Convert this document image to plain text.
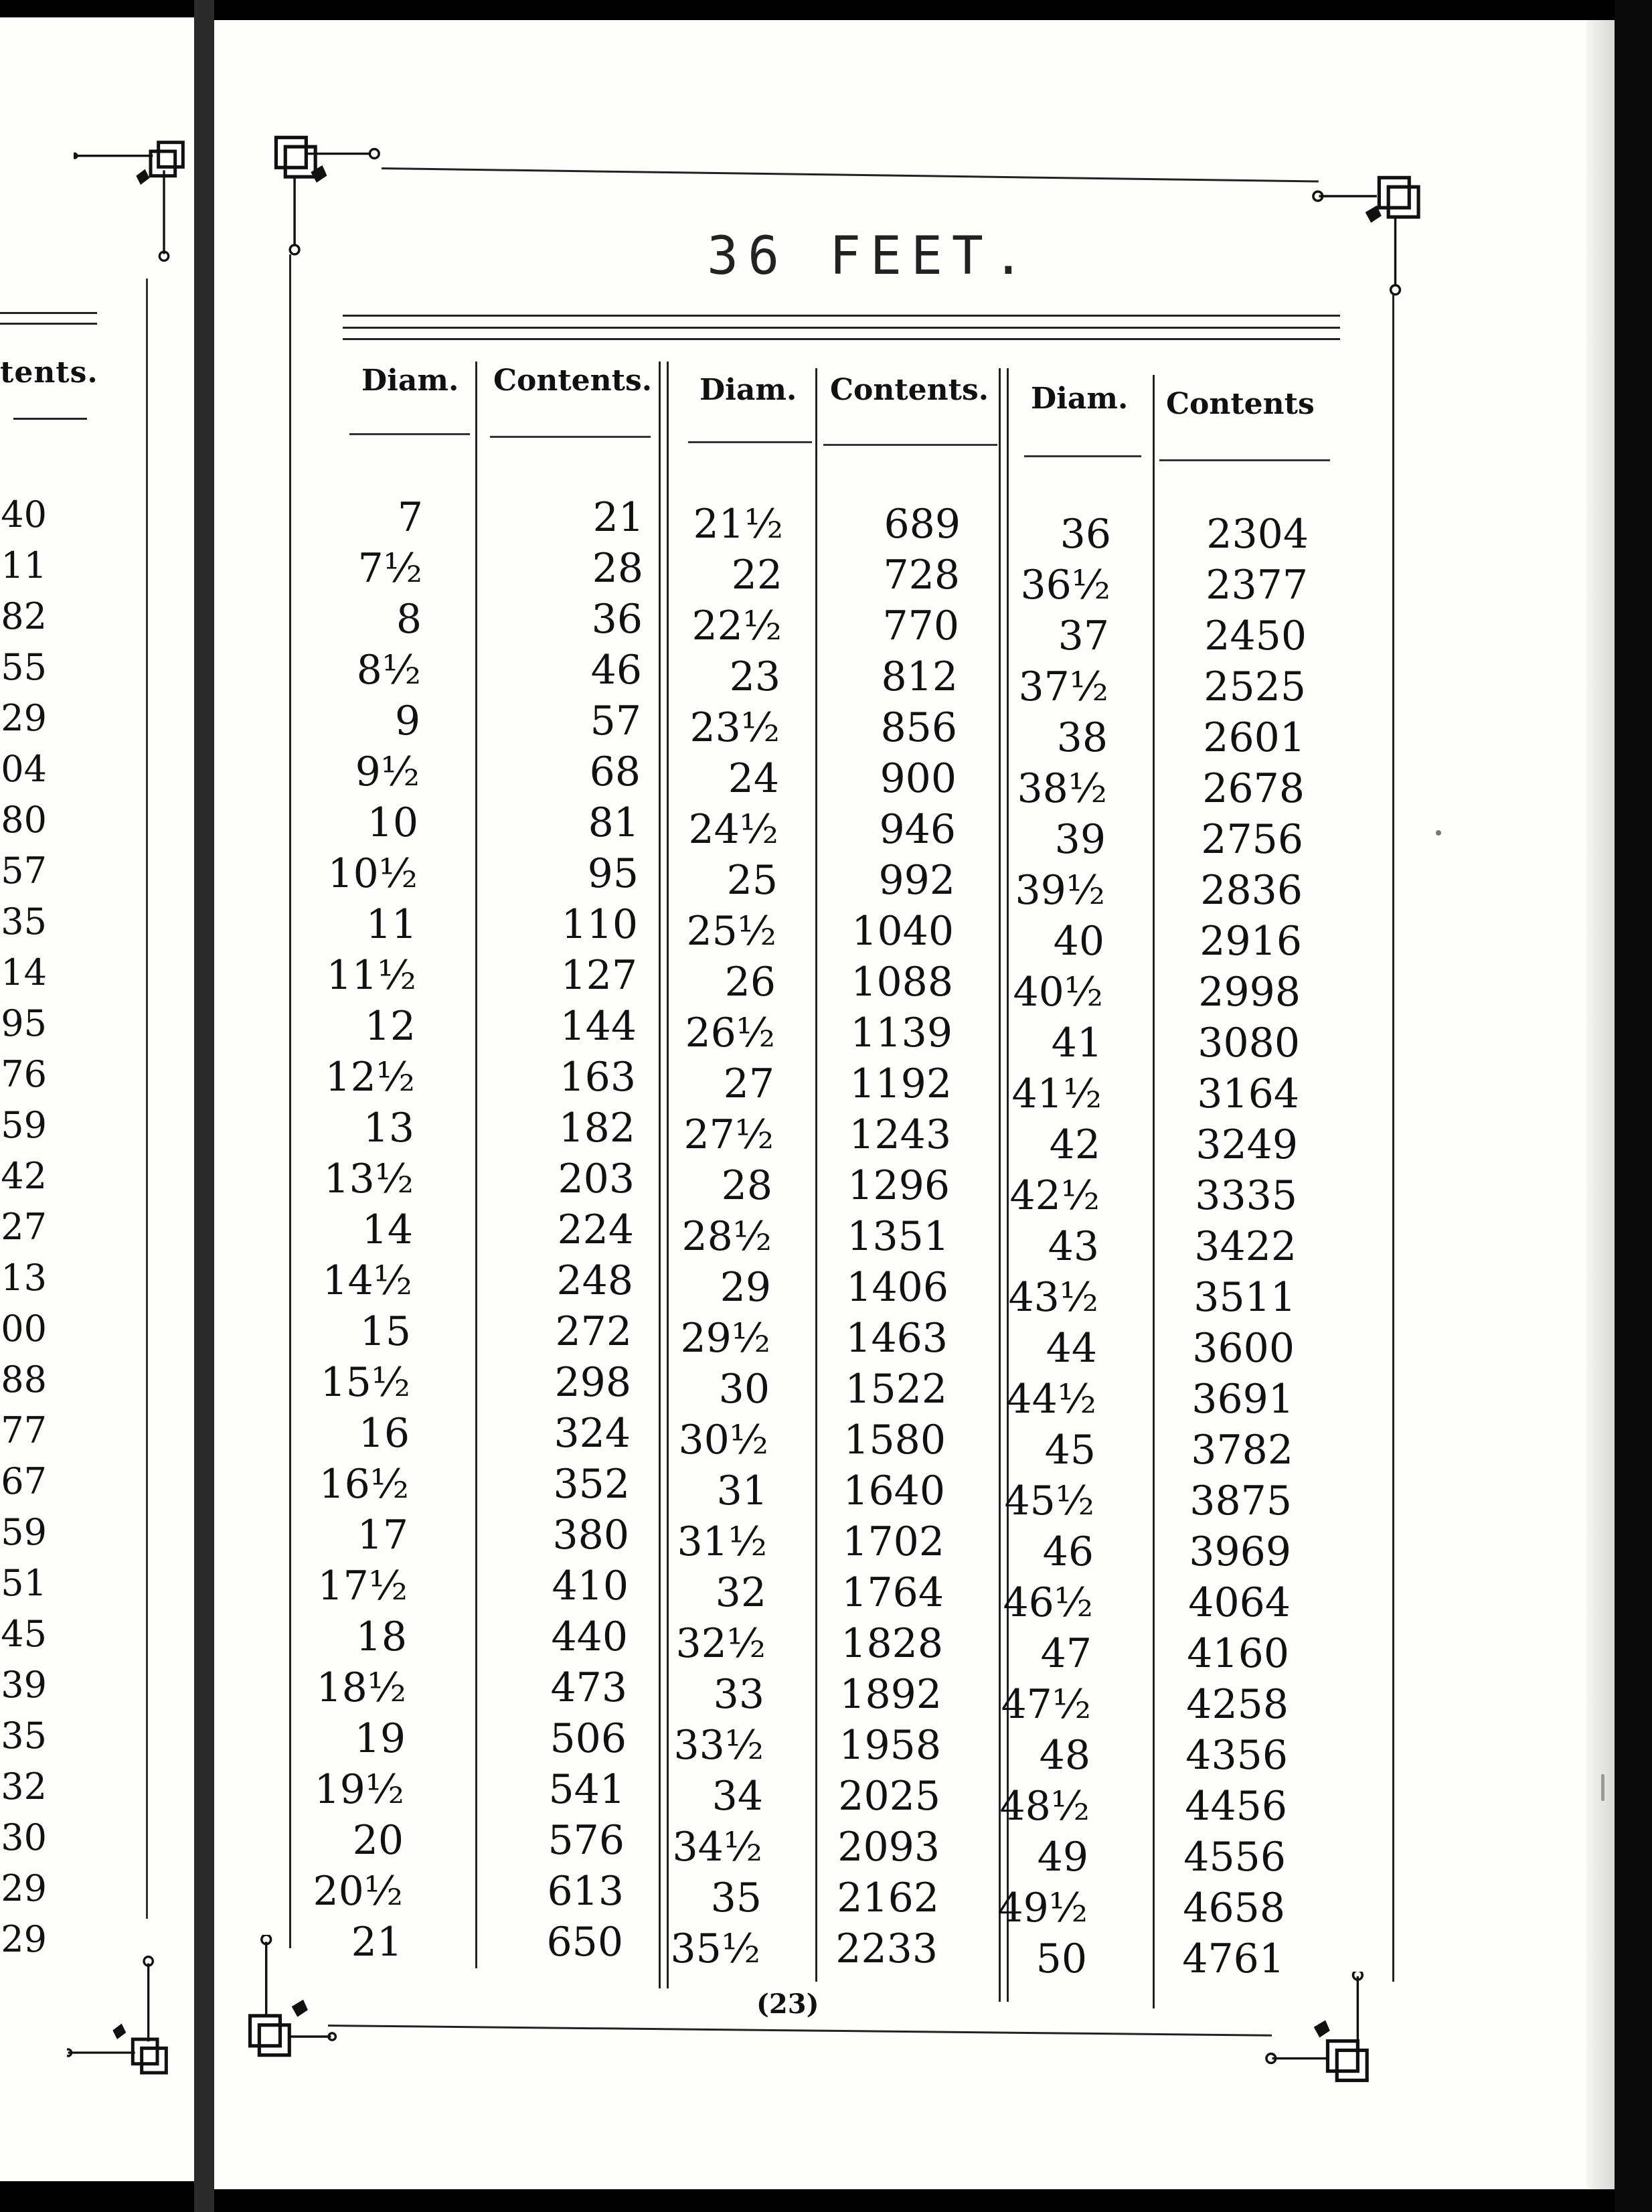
tents.
40
11
82
55
29
04
80
57
35
14
95
76
59
42
27
13
00
88
77
67
59
51
45
39
35
32
30
29
29
36 FEET.
Diam. Contents.
7	21
7½	28
8	36
8½	46
9	57
9½	68
10	81
10½	95
11	110
11½	127
12	144
12½	163
13	182
13½	203
14	224
14½	248
15	272
15½	298
16	324
16½	352
17	380
17½	410
18	440
18½	473
19	506
19½	541
20	576
20½	613
21	650
Diam. Contents.
21½	689
22	728
22½	770
23	812
23½	856
24	900
24½	946
25	992
25½ 1040
26 1088
26½ 1139
27 1192
27½ 1243
28 1296
28½ 1351
29 1406
29½ 1463
30 1522
30½ 1580
31 1640
31½ 1702
32 1764
32½ 1828
33 1892
33½ 1958
34 2025
34½ 2093
35 2162
35½ 2233
Diam. Contents
36 2304
36½ 2377
37 2450
37½ 2525
38 2601
38½ 2678
39 2756
39½ 2836
40 2916
40½ 2998
41 3080
41½ 3164
42 3249
42½ 3335
43 3422
43½ 3511
44 3600
44½ 3691
45 3782
45½ 3875
46 3969
46½ 4064
47 4160
47½ 4258
48 4356
48½ 4456
49 4556
49½ 4658
50 4761
(23)
